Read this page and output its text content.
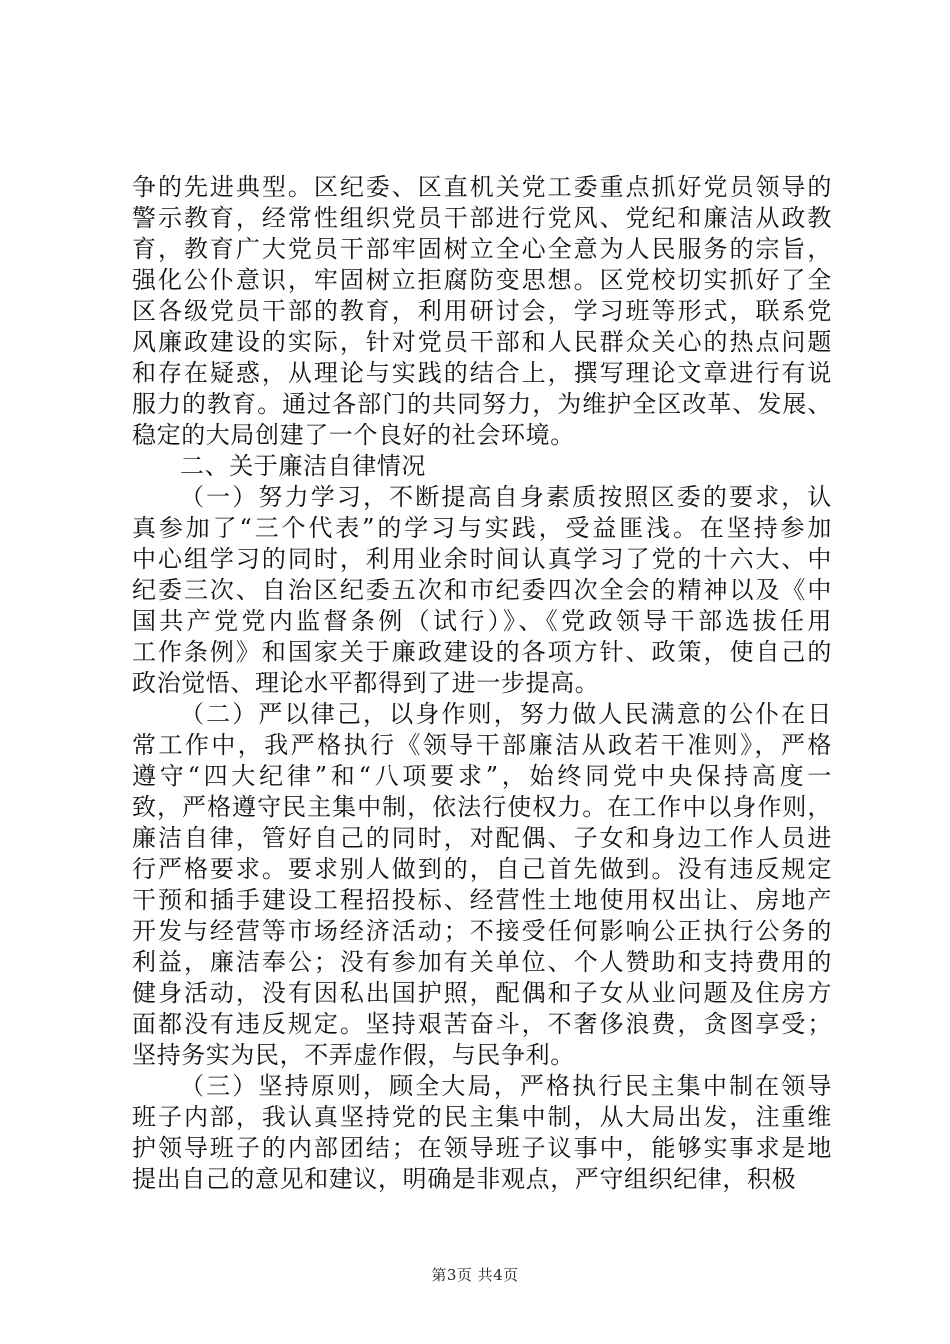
争的先进典型。区纪委、区直机关党工委重点抓好党员领导的
警示教育，经常性组织党员干部进行党风、党纪和廉洁从政教
育，教育广大党员干部牢固树立全心全意为人民服务的宗旨，
强化公仆意识，牢固树立拒腐防变思想。区党校切实抓好了全
区各级党员干部的教育，利用研讨会，学习班等形式，联系党
风廉政建设的实际，针对党员干部和人民群众关心的热点问题
和存在疑惑，从理论与实践的结合上，撰写理论文章进行有说
服力的教育。通过各部门的共同努力，为维护全区改革、发展、
稳定的大局创建了一个良好的社会环境。
二、关于廉洁自律情况
（一）努力学习，不断提高自身素质按照区委的要求，认
真参加了“三个代表”的学习与实践，受益匪浅。在坚持参加
中心组学习的同时，利用业余时间认真学习了党的十六大、中
纪委三次、自治区纪委五次和市纪委四次全会的精神以及《中
国共产党党内监督条例（试行）》、《党政领导干部选拔任用
工作条例》和国家关于廉政建设的各项方针、政策，使自己的
政治觉悟、理论水平都得到了进一步提高。
（二）严以律己，以身作则，努力做人民满意的公仆在日
常工作中，我严格执行《领导干部廉洁从政若干准则》，严格
遵守“四大纪律”和“八项要求”，始终同党中央保持高度一
致，严格遵守民主集中制，依法行使权力。在工作中以身作则，
廉洁自律，管好自己的同时，对配偶、子女和身边工作人员进
行严格要求。要求别人做到的，自己首先做到。没有违反规定
干预和插手建设工程招投标、经营性土地使用权出让、房地产
开发与经营等市场经济活动；不接受任何影响公正执行公务的
利益，廉洁奉公；没有参加有关单位、个人赞助和支持费用的
健身活动，没有因私出国护照，配偶和子女从业问题及住房方
面都没有违反规定。坚持艰苦奋斗，不奢侈浪费，贪图享受；
坚持务实为民，不弄虚作假，与民争利。
（三）坚持原则，顾全大局，严格执行民主集中制在领导
班子内部，我认真坚持党的民主集中制，从大局出发，注重维
护领导班子的内部团结；在领导班子议事中，能够实事求是地
提出自己的意见和建议，明确是非观点，严守组织纪律，积极
第3页 共4页
